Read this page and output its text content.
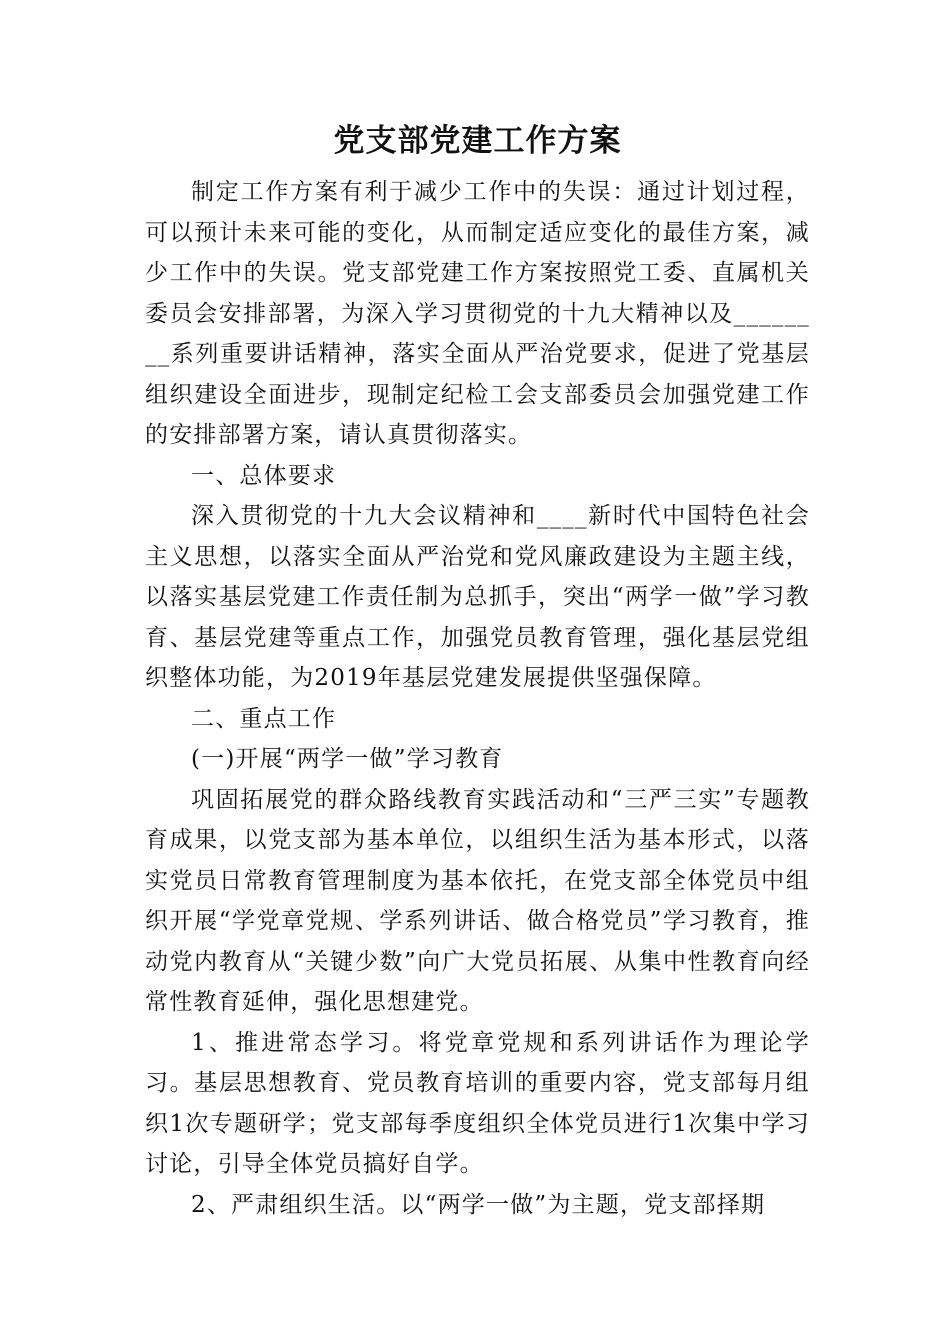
党支部党建工作方案

制定工作方案有利于减少工作中的失误：通过计划过程，可以预计未来可能的变化，从而制定适应变化的最佳方案，减少工作中的失误。党支部党建工作方案按照党工委、直属机关委员会安排部署，为深入学习贯彻党的十九大精神以及________系列重要讲话精神，落实全面从严治党要求，促进了党基层组织建设全面进步，现制定纪检工会支部委员会加强党建工作的安排部署方案，请认真贯彻落实。

一、总体要求

深入贯彻党的十九大会议精神和____新时代中国特色社会主义思想，以落实全面从严治党和党风廉政建设为主题主线，以落实基层党建工作责任制为总抓手，突出“两学一做”学习教育、基层党建等重点工作，加强党员教育管理，强化基层党组织整体功能，为2019年基层党建发展提供坚强保障。

二、重点工作

(一)开展“两学一做”学习教育

巩固拓展党的群众路线教育实践活动和“三严三实”专题教育成果，以党支部为基本单位，以组织生活为基本形式，以落实党员日常教育管理制度为基本依托，在党支部全体党员中组织开展“学党章党规、学系列讲话、做合格党员”学习教育，推动党内教育从“关键少数”向广大党员拓展、从集中性教育向经常性教育延伸，强化思想建党。

1、推进常态学习。将党章党规和系列讲话作为理论学习。基层思想教育、党员教育培训的重要内容，党支部每月组织1次专题研学；党支部每季度组织全体党员进行1次集中学习讨论，引导全体党员搞好自学。

2、严肃组织生活。以“两学一做”为主题，党支部择期
